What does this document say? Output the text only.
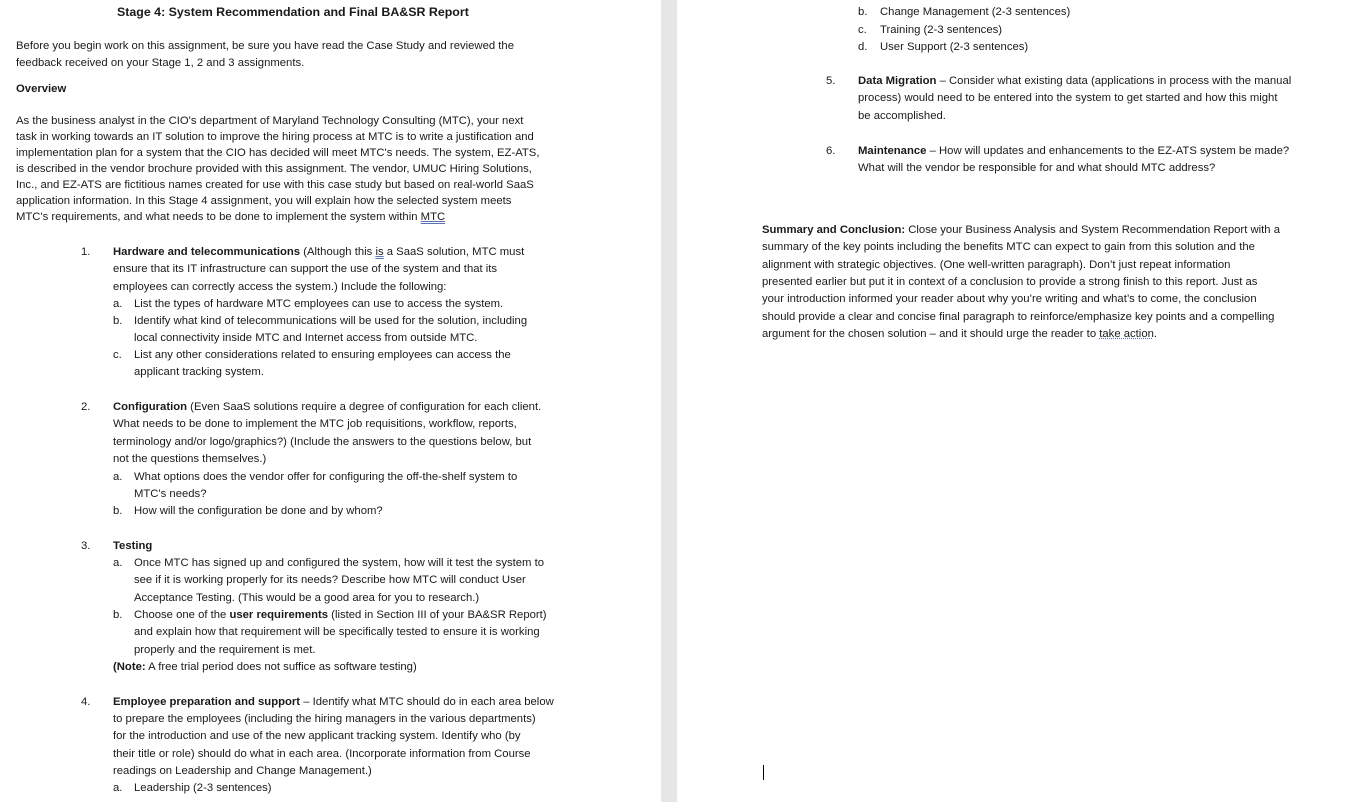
Stage 4: System Recommendation and Final BA&SR Report
Before you begin work on this assignment, be sure you have read the Case Study and reviewed the
feedback received on your Stage 1, 2 and 3 assignments.
Overview
As the business analyst in the CIO's department of Maryland Technology Consulting (MTC), your next
task in working towards an IT solution to improve the hiring process at MTC is to write a justification and
implementation plan for a system that the CIO has decided will meet MTC's needs. The system, EZ-ATS,
is described in the vendor brochure provided with this assignment. The vendor, UMUC Hiring Solutions,
Inc., and EZ-ATS are fictitious names created for use with this case study but based on real-world SaaS
application information. In this Stage 4 assignment, you will explain how the selected system meets
MTC's requirements, and what needs to be done to implement the system within MTC
1. Hardware and telecommunications (Although this is a SaaS solution, MTC must
ensure that its IT infrastructure can support the use of the system and that its
employees can correctly access the system.) Include the following:
a. List the types of hardware MTC employees can use to access the system.
b. Identify what kind of telecommunications will be used for the solution, including
local connectivity inside MTC and Internet access from outside MTC.
c. List any other considerations related to ensuring employees can access the
applicant tracking system.
2. Configuration (Even SaaS solutions require a degree of configuration for each client.
What needs to be done to implement the MTC job requisitions, workflow, reports,
terminology and/or logo/graphics?) (Include the answers to the questions below, but
not the questions themselves.)
a. What options does the vendor offer for configuring the off-the-shelf system to
MTC's needs?
b. How will the configuration be done and by whom?
3. Testing
a. Once MTC has signed up and configured the system, how will it test the system to
see if it is working properly for its needs? Describe how MTC will conduct User
Acceptance Testing. (This would be a good area for you to research.)
b. Choose one of the user requirements (listed in Section III of your BA&SR Report)
and explain how that requirement will be specifically tested to ensure it is working
properly and the requirement is met.
(Note: A free trial period does not suffice as software testing)
4. Employee preparation and support – Identify what MTC should do in each area below
to prepare the employees (including the hiring managers in the various departments)
for the introduction and use of the new applicant tracking system. Identify who (by
their title or role) should do what in each area. (Incorporate information from Course
readings on Leadership and Change Management.)
a. Leadership (2-3 sentences)
b. Change Management (2-3 sentences)
c. Training (2-3 sentences)
d. User Support (2-3 sentences)
5. Data Migration – Consider what existing data (applications in process with the manual
process) would need to be entered into the system to get started and how this might
be accomplished.
6. Maintenance – How will updates and enhancements to the EZ-ATS system be made?
What will the vendor be responsible for and what should MTC address?
Summary and Conclusion: Close your Business Analysis and System Recommendation Report with a
summary of the key points including the benefits MTC can expect to gain from this solution and the
alignment with strategic objectives. (One well-written paragraph). Don’t just repeat information
presented earlier but put it in context of a conclusion to provide a strong finish to this report. Just as
your introduction informed your reader about why you’re writing and what’s to come, the conclusion
should provide a clear and concise final paragraph to reinforce/emphasize key points and a compelling
argument for the chosen solution – and it should urge the reader to take action.
